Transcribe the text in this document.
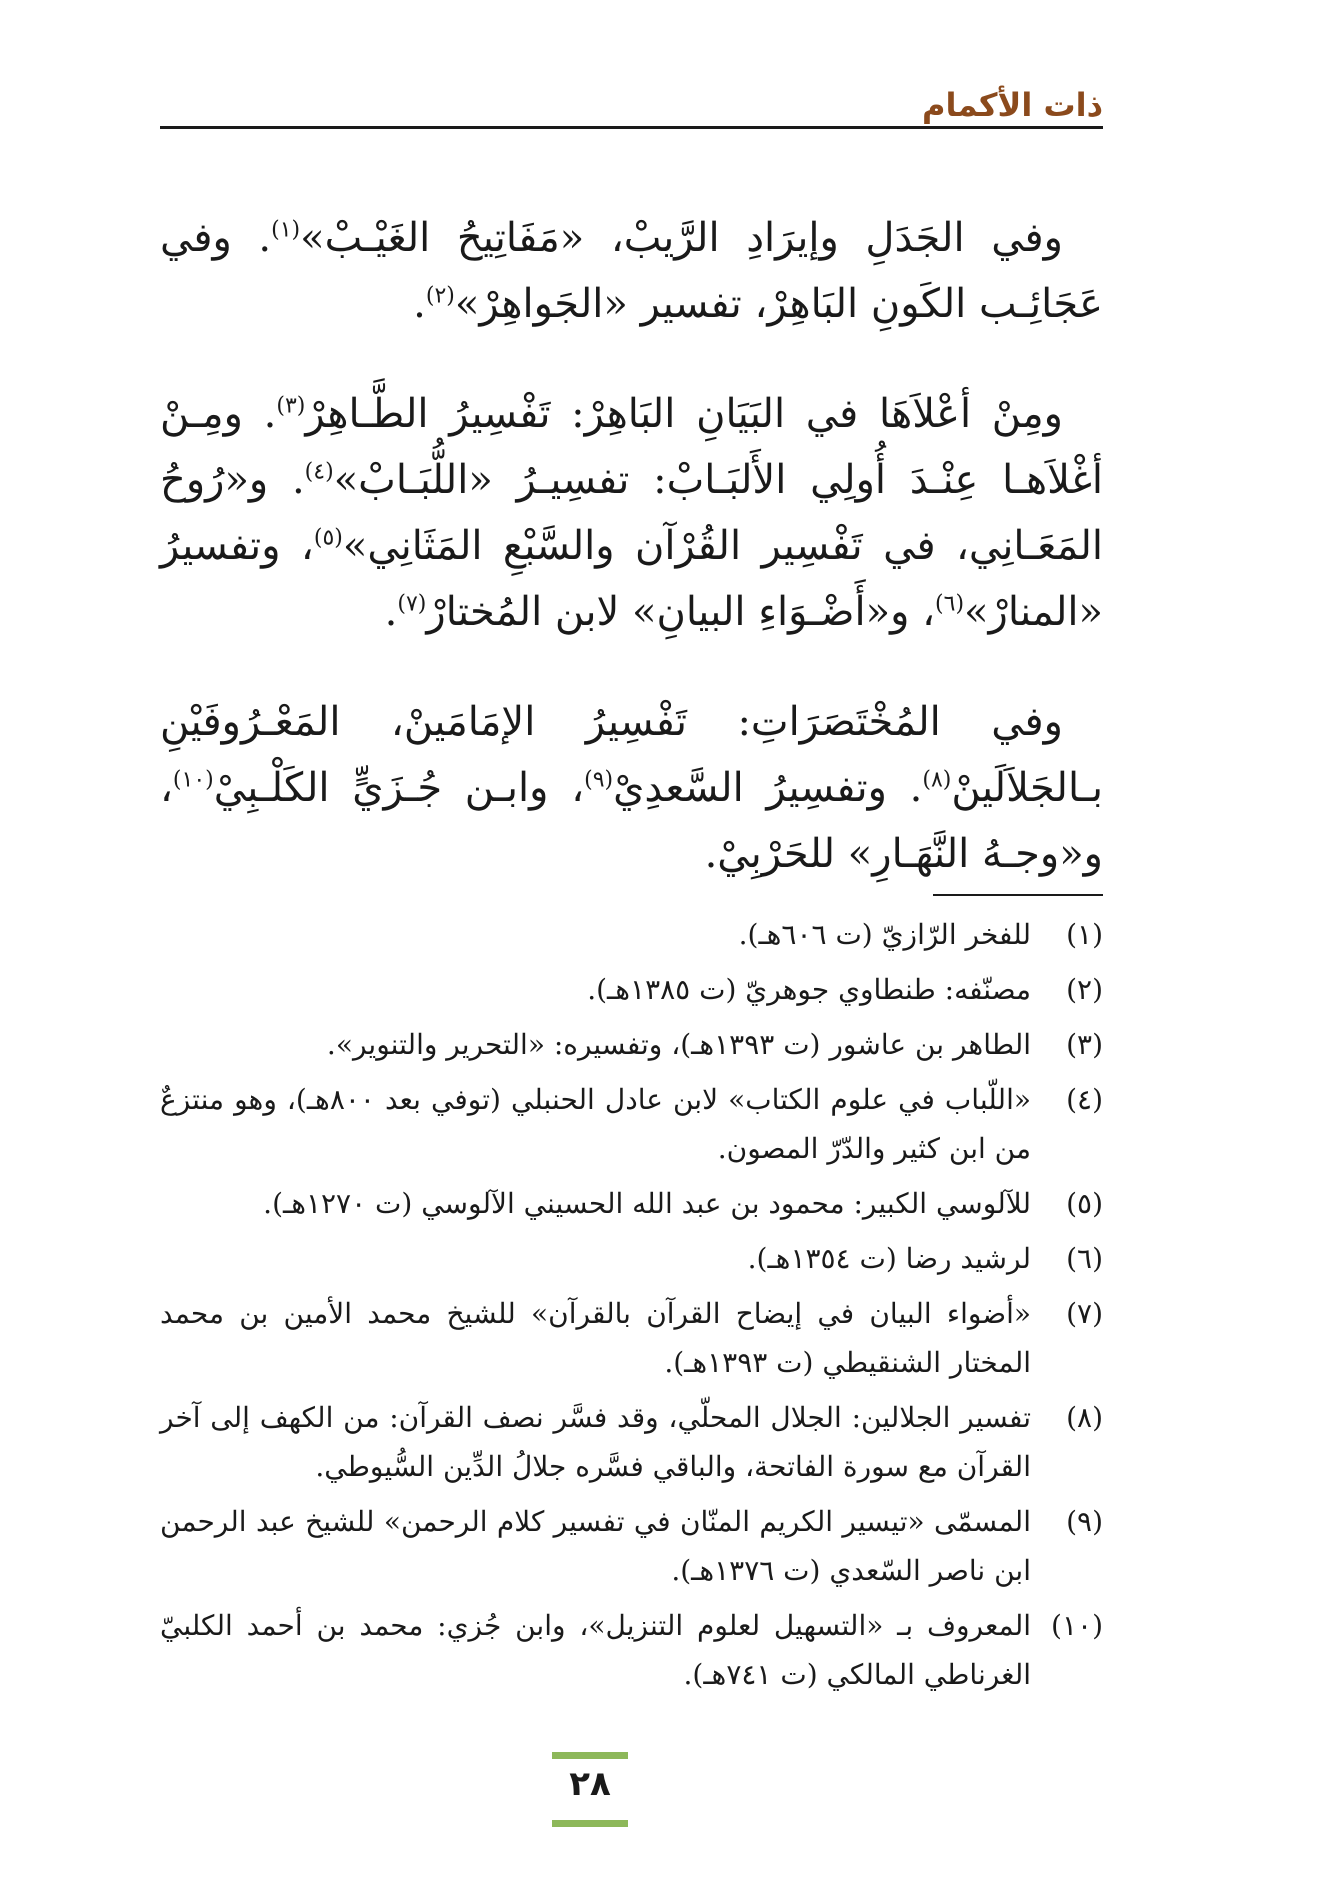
ذات الأكمام

وفي الجَدَلِ وإيرَادِ الرَّيبْ، «مَفَاتِيحُ الغَيْـبْ»$^{(١)}$. وفي عَجَائِـب الكَونِ البَاهِرْ، تفسير «الجَواهِرْ»$^{(٢)}$.

ومِنْ أعْلاَهَا في البَيَانِ البَاهِرْ: تَفْسِيرُ الطَّـاهِرْ$^{(٣)}$. ومِـنْ أغْلاَهـا عِنْـدَ أُولِي الأَلبَـابْ: تفسِيـرُ «اللُّبَـابْ»$^{(٤)}$. و«رُوحُ المَعَـانِي، في تَفْسِير القُرْآن والسَّبْعِ المَثَانِي»$^{(٥)}$، وتفسيرُ «المنارْ»$^{(٦)}$، و«أَضْـوَاءِ البيانِ» لابن المُختارْ$^{(٧)}$.

وفي المُخْتَصَرَاتِ: تَفْسِيرُ الإمَامَينْ، المَعْـرُوفَيْنِ بـالجَلاَلَينْ$^{(٨)}$. وتفسِيرُ السَّعدِيْ$^{(٩)}$، وابـن جُـزَيٍّ الكَلْـبِيْ$^{(١٠)}$، و«وجـهُ النَّهَـارِ» للحَرْبِيْ.

(١)
للفخر الرّازيّ (ت ٦٠٦هـ).
(٢)
مصنّفه: طنطاوي جوهريّ (ت ١٣٨٥هـ).
(٣)
الطاهر بن عاشور (ت ١٣٩٣هـ)، وتفسيره: «التحرير والتنوير».
(٤)
«اللّباب في علوم الكتاب» لابن عادل الحنبلي (توفي بعد ٨٠٠هـ)، وهو منتزعٌ من ابن كثير والدّرّ المصون.
(٥)
للآلوسي الكبير: محمود بن عبد الله الحسيني الآلوسي (ت ١٢٧٠هـ).
(٦)
لرشيد رضا (ت ١٣٥٤هـ).
(٧)
«أضواء البيان في إيضاح القرآن بالقرآن» للشيخ محمد الأمين بن محمد المختار الشنقيطي (ت ١٣٩٣هـ).
(٨)
تفسير الجلالين: الجلال المحلّي، وقد فسَّر نصف القرآن: من الكهف إلى آخر القرآن مع سورة الفاتحة، والباقي فسَّره جلالُ الدِّين السُّيوطي.
(٩)
المسمّى «تيسير الكريم المنّان في تفسير كلام الرحمن» للشيخ عبد الرحمن ابن ناصر السّعدي (ت ١٣٧٦هـ).
(١٠)
المعروف بـ «التسهيل لعلوم التنزيل»، وابن جُزي: محمد بن أحمد الكلبيّ الغرناطي المالكي (ت ٧٤١هـ).
٢٨
